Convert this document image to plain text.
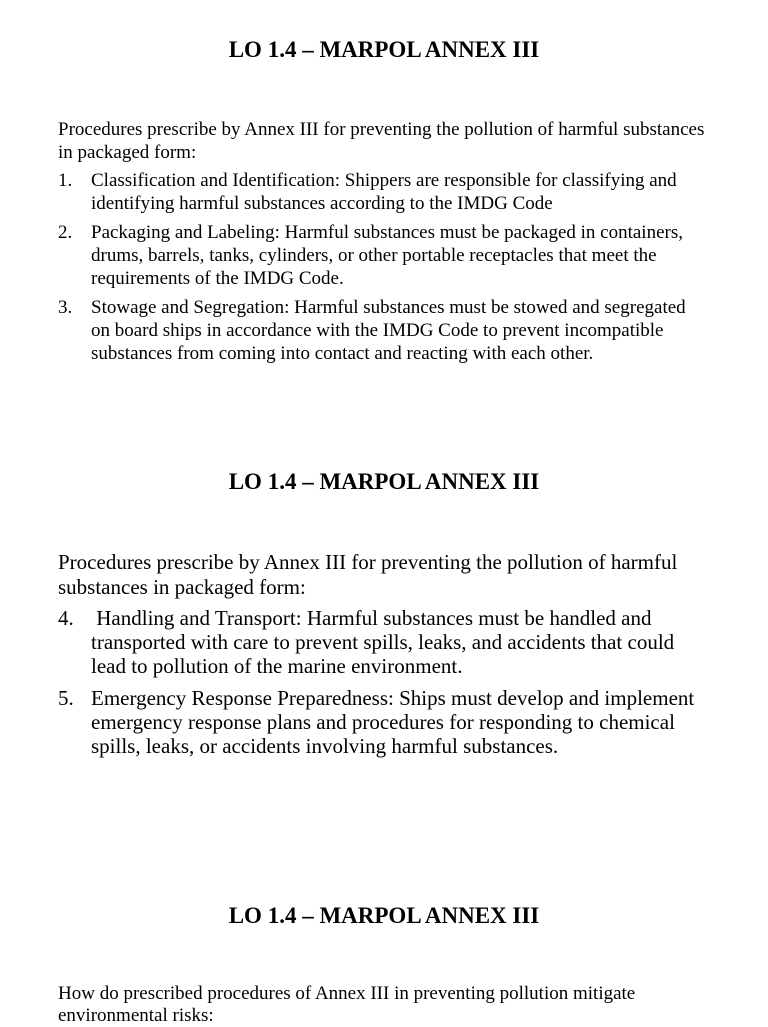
LO 1.4 – MARPOL ANNEX III

Procedures prescribe by Annex III for preventing the pollution of harmful substances in packaged form:

1. Classification and Identification: Shippers are responsible for classifying and identifying harmful substances according to the IMDG Code
2. Packaging and Labeling: Harmful substances must be packaged in containers, drums, barrels, tanks, cylinders, or other portable receptacles that meet the requirements of the IMDG Code.
3. Stowage and Segregation: Harmful substances must be stowed and segregated on board ships in accordance with the IMDG Code to prevent incompatible substances from coming into contact and reacting with each other.
LO 1.4 – MARPOL ANNEX III

Procedures prescribe by Annex III for preventing the pollution of harmful substances in packaged form:

4. Handling and Transport: Harmful substances must be handled and transported with care to prevent spills, leaks, and accidents that could lead to pollution of the marine environment.
5. Emergency Response Preparedness: Ships must develop and implement emergency response plans and procedures for responding to chemical spills, leaks, or accidents involving harmful substances.
LO 1.4 – MARPOL ANNEX III

How do prescribed procedures of Annex III in preventing pollution mitigate environmental risks:
